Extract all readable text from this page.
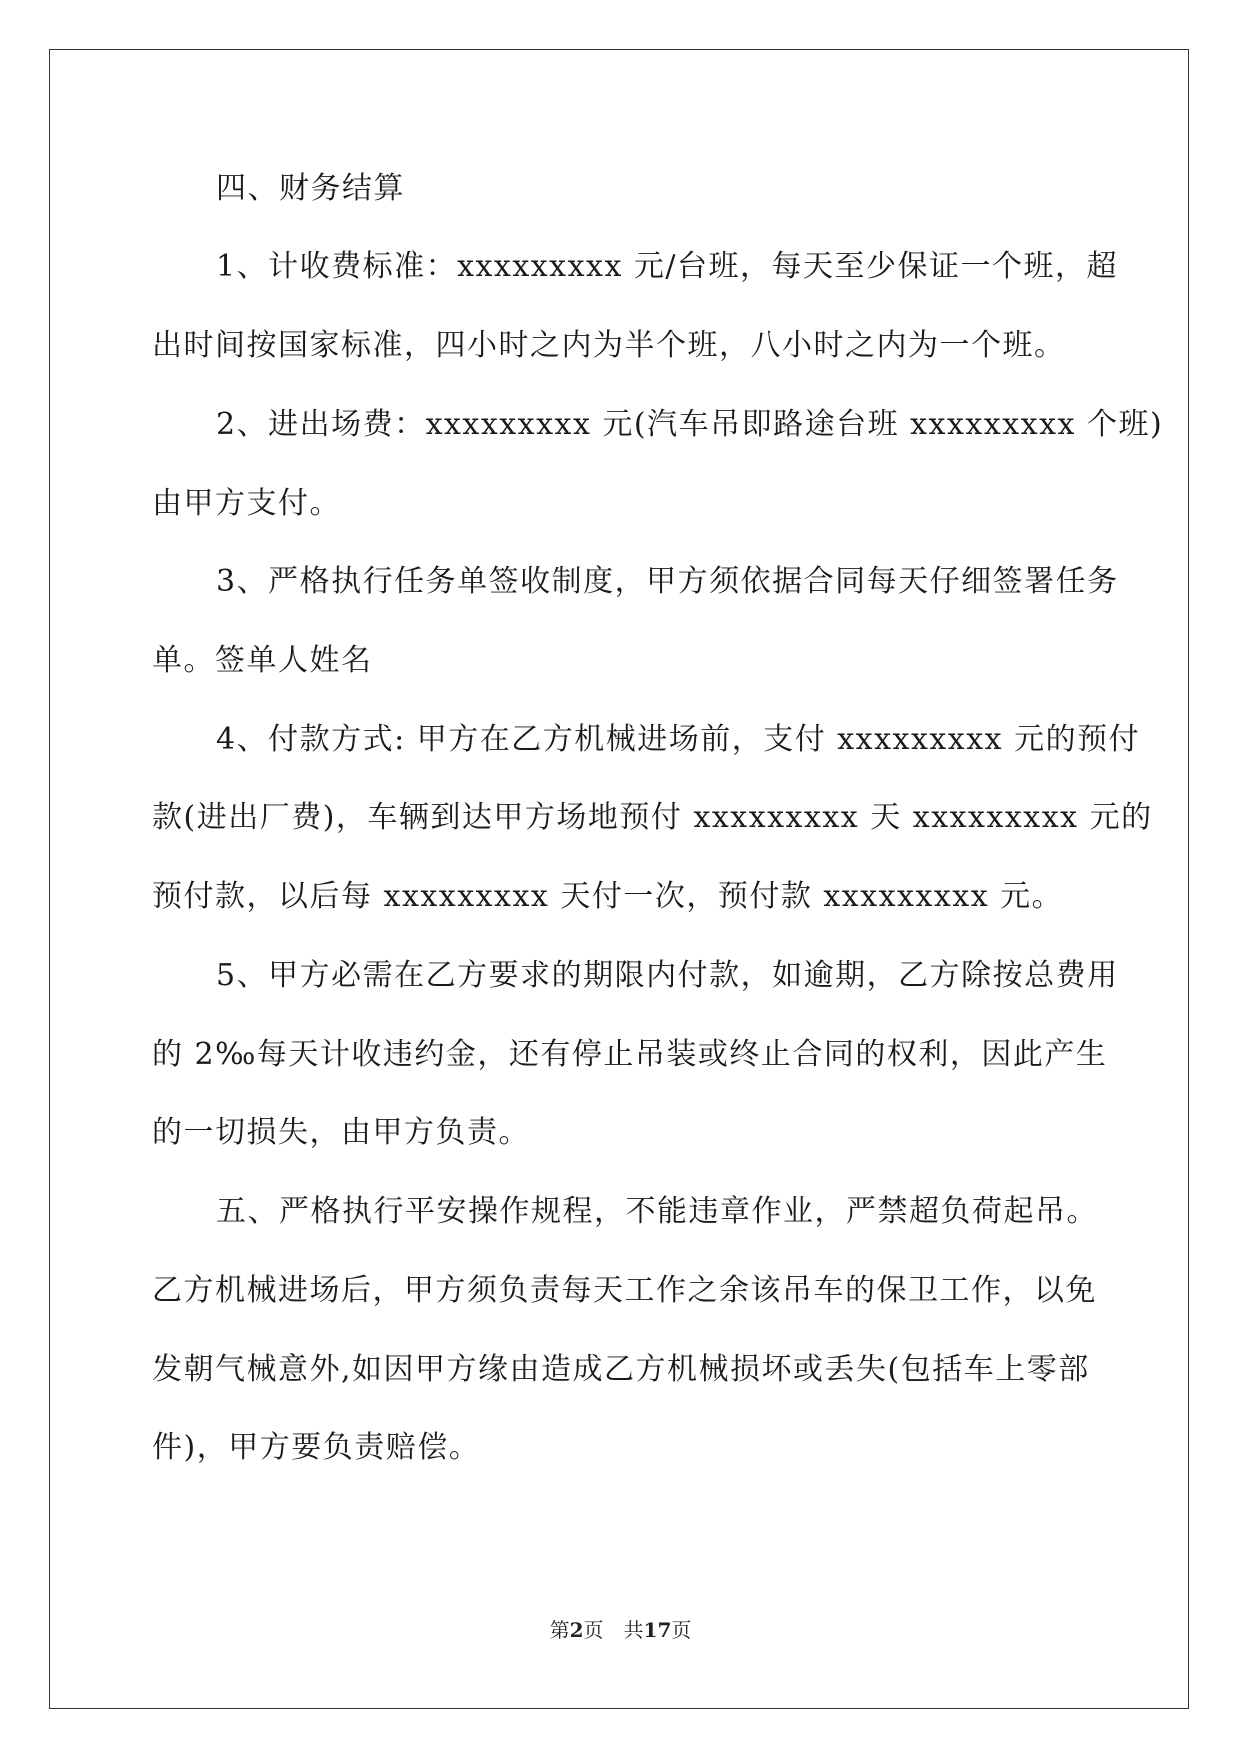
四、财务结算
1、计收费标准：xxxxxxxxx 元/台班，每天至少保证一个班，超
出时间按国家标准，四小时之内为半个班，八小时之内为一个班。
2、进出场费：xxxxxxxxx 元(汽车吊即路途台班 xxxxxxxxx 个班)
由甲方支付。
3、严格执行任务单签收制度，甲方须依据合同每天仔细签署任务
单。签单人姓名
4、付款方式: 甲方在乙方机械进场前，支付 xxxxxxxxx 元的预付
款(进出厂费)，车辆到达甲方场地预付 xxxxxxxxx 天 xxxxxxxxx 元的
预付款，以后每 xxxxxxxxx 天付一次，预付款 xxxxxxxxx 元。
5、甲方必需在乙方要求的期限内付款，如逾期，乙方除按总费用
的 2‰每天计收违约金，还有停止吊装或终止合同的权利，因此产生
的一切损失，由甲方负责。
五、严格执行平安操作规程，不能违章作业，严禁超负荷起吊。
乙方机械进场后，甲方须负责每天工作之余该吊车的保卫工作，以免
发朝气械意外,如因甲方缘由造成乙方机械损坏或丢失(包括车上零部
件)，甲方要负责赔偿。
第2页 共17页
